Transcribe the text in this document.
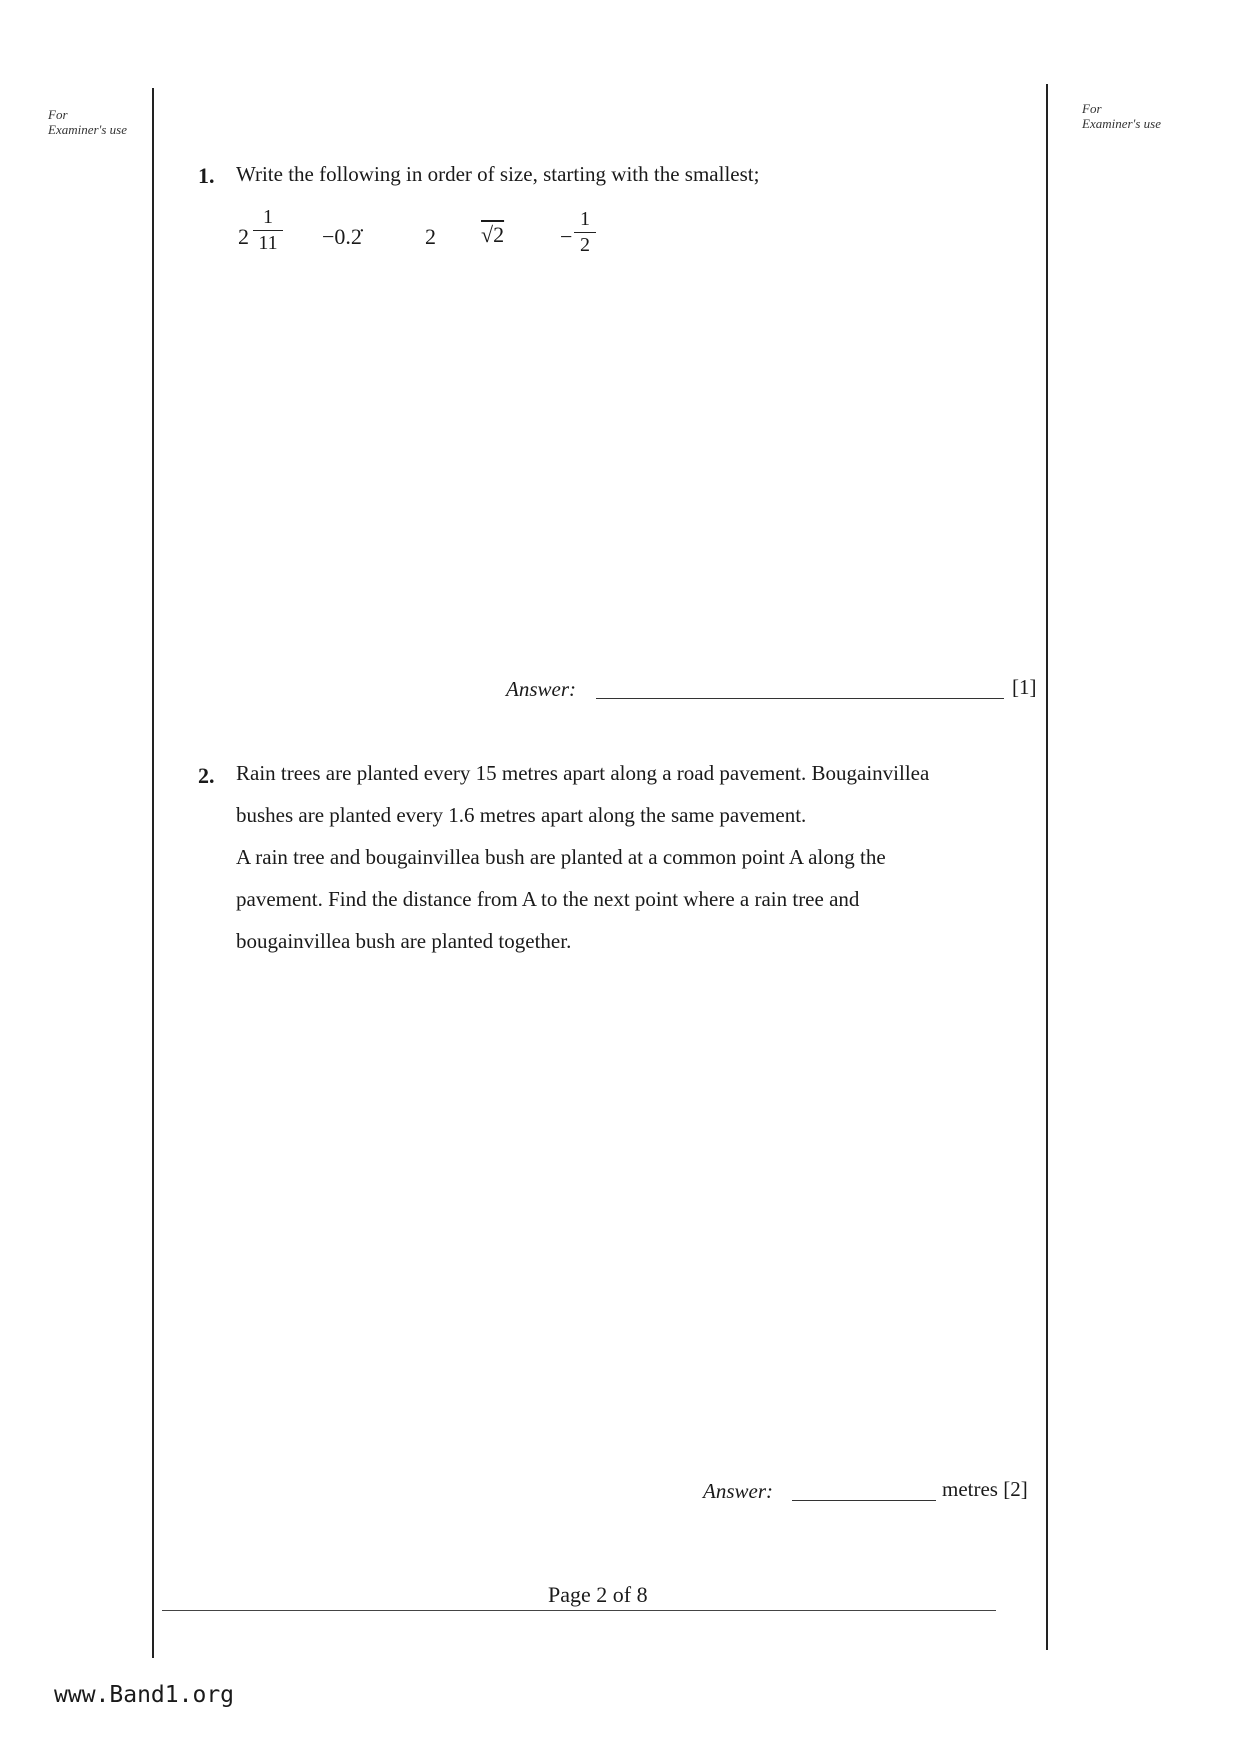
For Examiner's use
For Examiner's use
1. Write the following in order of size, starting with the smallest;
2
1
11 −0.2̇	2 √2	−
1
2
Answer:	[1]
2. Rain trees are planted every 15 metres apart along a road pavement. Bougainvillea
bushes are planted every 1.6 metres apart along the same pavement.
A rain tree and bougainvillea bush are planted at a common point A along the
pavement. Find the distance from A to the next point where a rain tree and
bougainvillea bush are planted together.
Answer:	metres [2]
Page 2 of 8
www.Band1.org
